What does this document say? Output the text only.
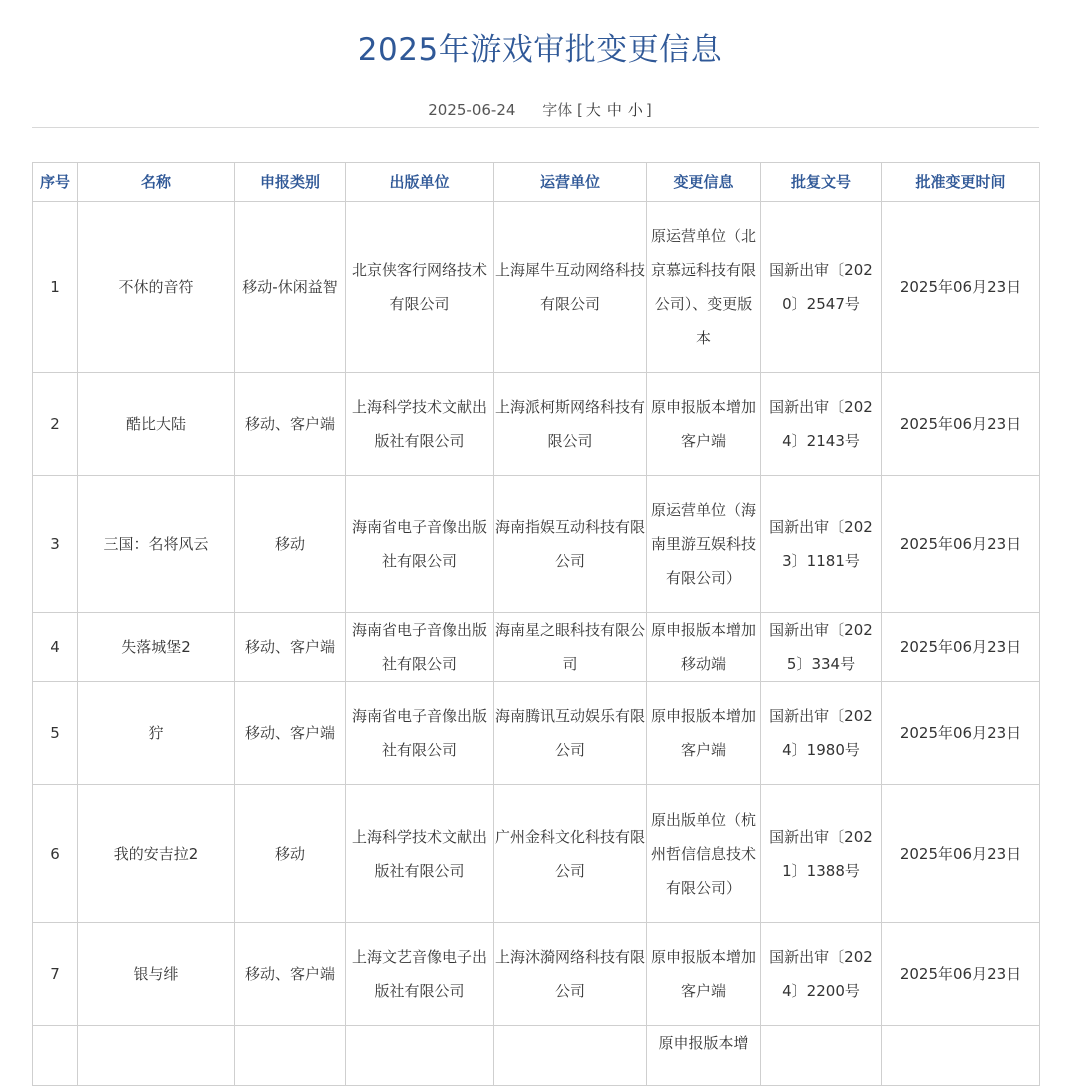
2025年游戏审批变更信息
2025-06-24 字体 [ 大 中 小 ]
序号	名称	申报类别	出版单位	运营单位	变更信息	批复文号	批准变更时间
1	不休的音符	移动-休闲益智	北京侠客行网络技术有限公司	上海犀牛互动网络科技有限公司	原运营单位（北京慕远科技有限公司）、变更版本	国新出审〔2020〕2547号	2025年06月23日
2	酷比大陆	移动、客户端	上海科学技术文献出版社有限公司	上海派柯斯网络科技有限公司	原申报版本增加客户端	国新出审〔2024〕2143号	2025年06月23日
3	三国：名将风云	移动	海南省电子音像出版社有限公司	海南指娱互动科技有限公司	原运营单位（海南里游互娱科技有限公司）	国新出审〔2023〕1181号	2025年06月23日
4	失落城堡2	移动、客户端	海南省电子音像出版社有限公司	海南星之眼科技有限公司	原申报版本增加移动端	国新出审〔2025〕334号	2025年06月23日
5	狞	移动、客户端	海南省电子音像出版社有限公司	海南腾讯互动娱乐有限公司	原申报版本增加客户端	国新出审〔2024〕1980号	2025年06月23日
6	我的安吉拉2	移动	上海科学技术文献出版社有限公司	广州金科文化科技有限公司	原出版单位（杭州哲信信息技术有限公司）	国新出审〔2021〕1388号	2025年06月23日
7	银与绯	移动、客户端	上海文艺音像电子出版社有限公司	上海沐漪网络科技有限公司	原申报版本增加客户端	国新出审〔2024〕2200号	2025年06月23日
					原申报版本增		
